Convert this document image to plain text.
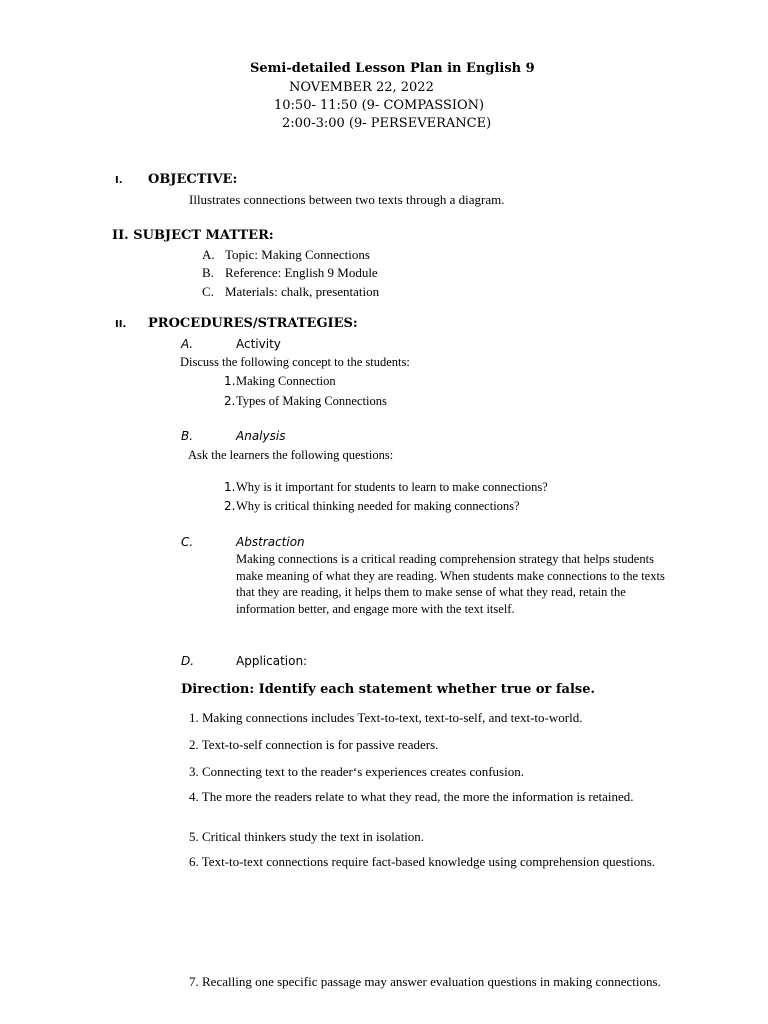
Semi-detailed Lesson Plan in English 9
NOVEMBER 22, 2022
10:50- 11:50 (9- COMPASSION)
2:00-3:00 (9- PERSEVERANCE)
I. OBJECTIVE:
Illustrates connections between two texts through a diagram.
II. SUBJECT MATTER:
A. Topic: Making Connections
B. Reference: English 9 Module
C. Materials: chalk, presentation
II. PROCEDURES/STRATEGIES:
A.	Activity
Discuss the following concept to the students:
1. Making Connection
2. Types of Making Connections
B.	Analysis
Ask the learners the following questions:
1. Why is it important for students to learn to make connections?
2. Why is critical thinking needed for making connections?
C.	Abstraction
Making connections is a critical reading comprehension strategy that helps students make meaning of what they are reading. When students make connections to the texts that they are reading, it helps them to make sense of what they read, retain the information better, and engage more with the text itself.
D.	Application:
Direction: Identify each statement whether true or false.
1. Making connections includes Text-to-text, text-to-self, and text-to-world.
2. Text-to-self connection is for passive readers.
3. Connecting text to the reader‘s experiences creates confusion.
4. The more the readers relate to what they read, the more the information is retained.
5. Critical thinkers study the text in isolation.
6. Text-to-text connections require fact-based knowledge using comprehension questions.
7. Recalling one specific passage may answer evaluation questions in making connections.
